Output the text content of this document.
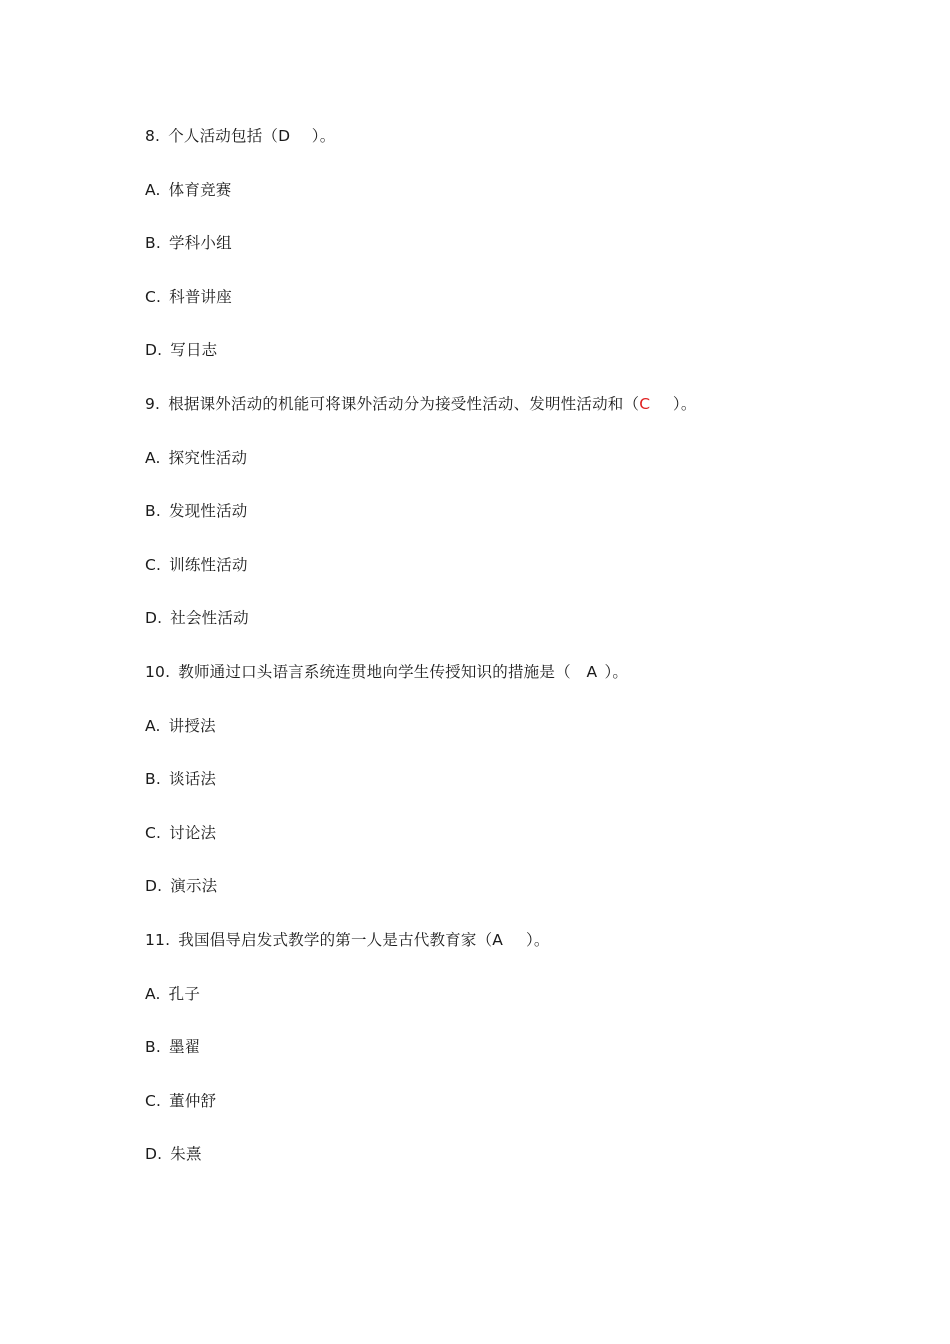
8. 个人活动包括（D　）。
A. 体育竞赛
B. 学科小组
C. 科普讲座
D. 写日志
9. 根据课外活动的机能可将课外活动分为接受性活动、发明性活动和（C　）。
A. 探究性活动
B. 发现性活动
C. 训练性活动
D. 社会性活动
10. 教师通过口头语言系统连贯地向学生传授知识的措施是（　A ）。
A. 讲授法
B. 谈话法
C. 讨论法
D. 演示法
11. 我国倡导启发式教学的第一人是古代教育家（A　）。
A. 孔子
B. 墨翟
C. 董仲舒
D. 朱熹
